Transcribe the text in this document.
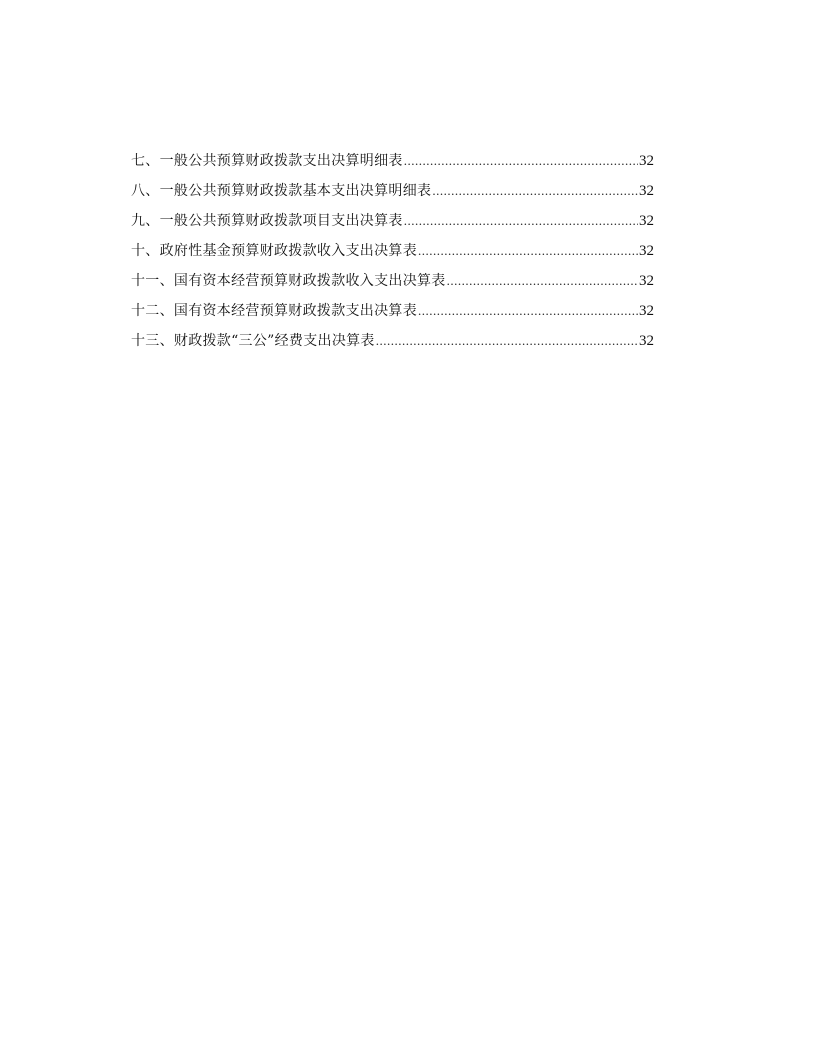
七、一般公共预算财政拨款支出决算明细表 .....	32
八、一般公共预算财政拨款基本支出决算明细表 .....	32
九、一般公共预算财政拨款项目支出决算表 .....	32
十、政府性基金预算财政拨款收入支出决算表 .....	32
十一、国有资本经营预算财政拨款收入支出决算表 .....	32
十二、国有资本经营预算财政拨款支出决算表 .....	32
十三、财政拨款“三公”经费支出决算表 .....	32
